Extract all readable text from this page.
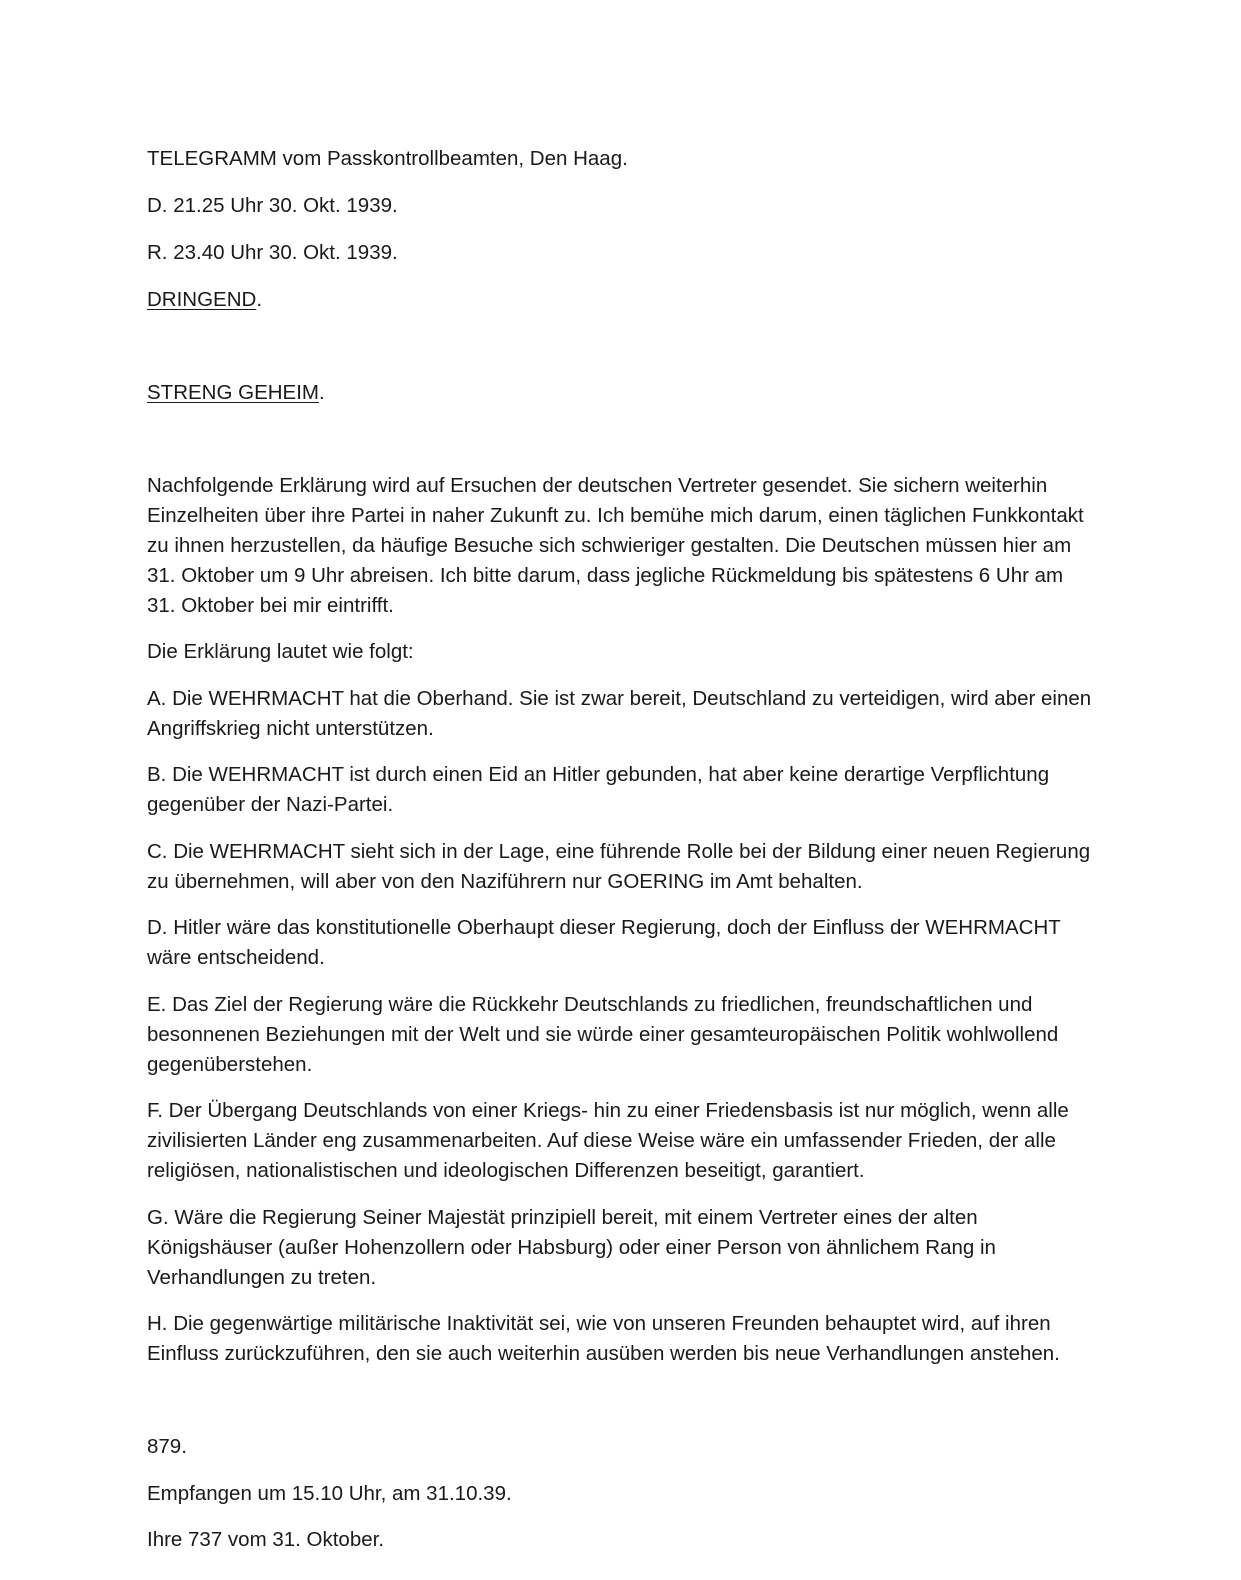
TELEGRAMM vom Passkontrollbeamten, Den Haag.

D. 21.25 Uhr 30. Okt. 1939.

R. 23.40 Uhr 30. Okt. 1939.

DRINGEND.

STRENG GEHEIM.

Nachfolgende Erklärung wird auf Ersuchen der deutschen Vertreter gesendet. Sie sichern weiterhin Einzelheiten über ihre Partei in naher Zukunft zu. Ich bemühe mich darum, einen täglichen Funkkontakt zu ihnen herzustellen, da häufige Besuche sich schwieriger gestalten. Die Deutschen müssen hier am 31. Oktober um 9 Uhr abreisen. Ich bitte darum, dass jegliche Rückmeldung bis spätestens 6 Uhr am 31. Oktober bei mir eintrifft.

Die Erklärung lautet wie folgt:

A. Die WEHRMACHT hat die Oberhand. Sie ist zwar bereit, Deutschland zu verteidigen, wird aber einen Angriffskrieg nicht unterstützen.

B. Die WEHRMACHT ist durch einen Eid an Hitler gebunden, hat aber keine derartige Verpflichtung gegenüber der Nazi-Partei.

C. Die WEHRMACHT sieht sich in der Lage, eine führende Rolle bei der Bildung einer neuen Regierung zu übernehmen, will aber von den Naziführern nur GOERING im Amt behalten.

D. Hitler wäre das konstitutionelle Oberhaupt dieser Regierung, doch der Einfluss der WEHRMACHT wäre entscheidend.

E. Das Ziel der Regierung wäre die Rückkehr Deutschlands zu friedlichen, freundschaftlichen und besonnenen Beziehungen mit der Welt und sie würde einer gesamteuropäischen Politik wohlwollend gegenüberstehen.

F. Der Übergang Deutschlands von einer Kriegs- hin zu einer Friedensbasis ist nur möglich, wenn alle zivilisierten Länder eng zusammenarbeiten. Auf diese Weise wäre ein umfassender Frieden, der alle religiösen, nationalistischen und ideologischen Differenzen beseitigt, garantiert.

G. Wäre die Regierung Seiner Majestät prinzipiell bereit, mit einem Vertreter eines der alten Königshäuser (außer Hohenzollern oder Habsburg) oder einer Person von ähnlichem Rang in Verhandlungen zu treten.

H. Die gegenwärtige militärische Inaktivität sei, wie von unseren Freunden behauptet wird, auf ihren Einfluss zurückzuführen, den sie auch weiterhin ausüben werden bis neue Verhandlungen anstehen.

879.

Empfangen um 15.10 Uhr, am 31.10.39.

Ihre 737 vom 31. Oktober.
